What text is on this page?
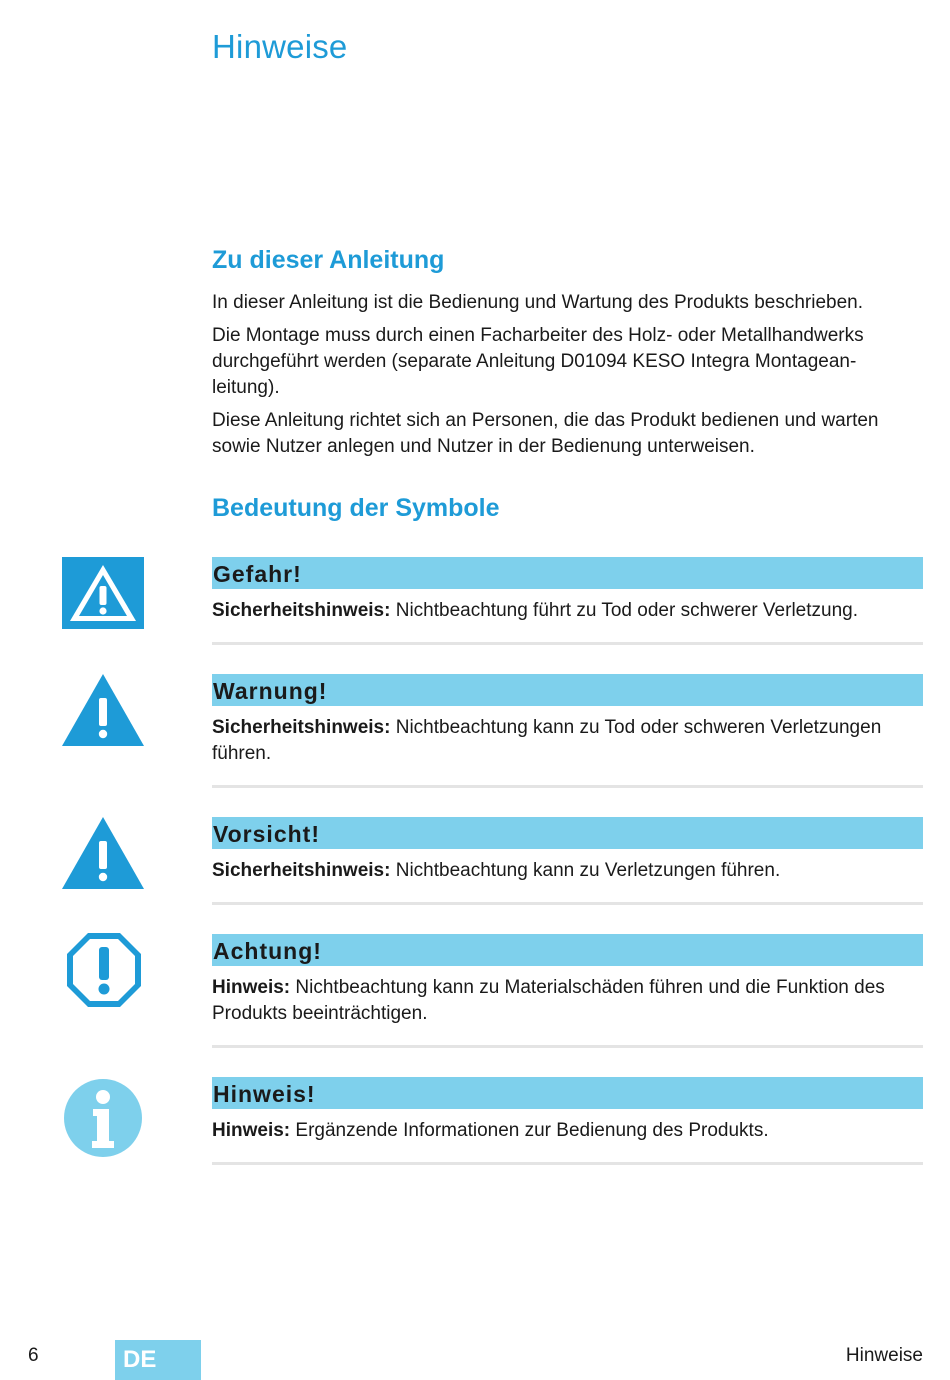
Hinweise
Zu dieser Anleitung

In dieser Anleitung ist die Bedienung und Wartung des Produkts beschrieben.

Die Montage muss durch einen Facharbeiter des Holz- oder Metallhandwerks durchgeführt werden (separate Anleitung D01094 KESO Integra Montageanleitung).

Diese Anleitung richtet sich an Personen, die das Produkt bedienen und warten sowie Nutzer anlegen und Nutzer in der Bedienung unterweisen.

Bedeutung der Symbole
Gefahr!
Sicherheitshinweis: Nichtbeachtung führt zu Tod oder schwerer Verletzung.
Warnung!
Sicherheitshinweis: Nichtbeachtung kann zu Tod oder schweren Verletzungen führen.
Vorsicht!
Sicherheitshinweis: Nichtbeachtung kann zu Verletzungen führen.
Achtung!
Hinweis: Nichtbeachtung kann zu Materialschäden führen und die Funktion des Produkts beeinträchtigen.
Hinweis!
Hinweis: Ergänzende Informationen zur Bedienung des Produkts.
6	DE	Hinweise
